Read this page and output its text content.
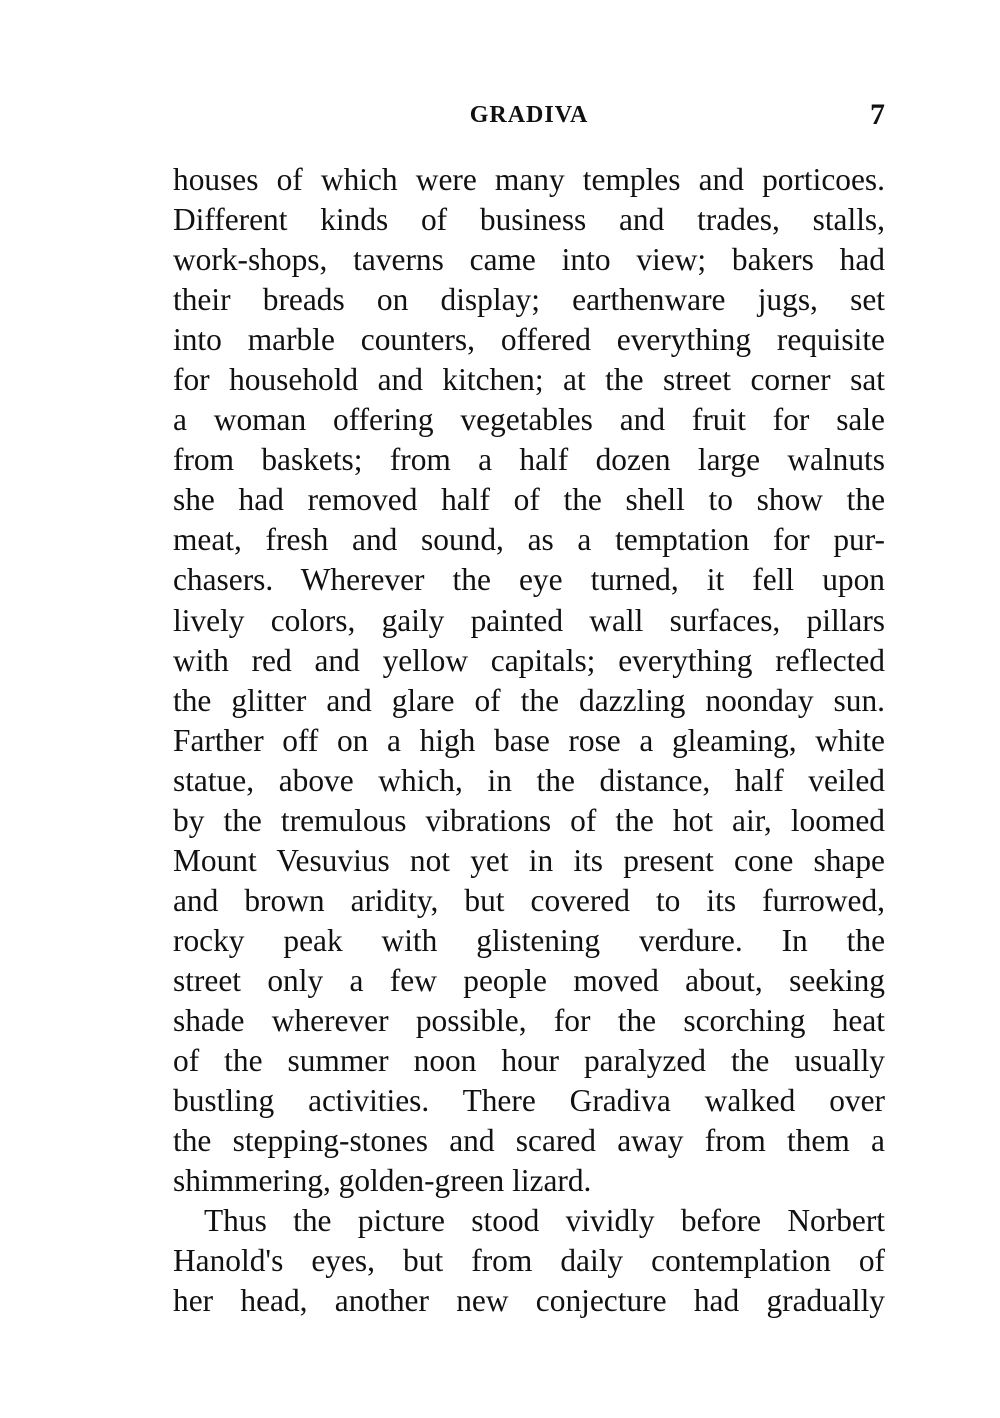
GRADIVA	7
houses of which were many temples and porticoes.
Different kinds of business and trades, stalls,
work-shops, taverns came into view; bakers had
their breads on display; earthenware jugs, set
into marble counters, offered everything requisite
for household and kitchen; at the street corner sat
a woman offering vegetables and fruit for sale
from baskets; from a half dozen large walnuts
she had removed half of the shell to show the
meat, fresh and sound, as a temptation for pur-
chasers. Wherever the eye turned, it fell upon
lively colors, gaily painted wall surfaces, pillars
with red and yellow capitals; everything reflected
the glitter and glare of the dazzling noonday sun.
Farther off on a high base rose a gleaming, white
statue, above which, in the distance, half veiled
by the tremulous vibrations of the hot air, loomed
Mount Vesuvius not yet in its present cone shape
and brown aridity, but covered to its furrowed,
rocky peak with glistening verdure. In the
street only a few people moved about, seeking
shade wherever possible, for the scorching heat
of the summer noon hour paralyzed the usually
bustling activities. There Gradiva walked over
the stepping-stones and scared away from them a
shimmering, golden-green lizard.
Thus the picture stood vividly before Norbert
Hanold's eyes, but from daily contemplation of
her head, another new conjecture had gradually
